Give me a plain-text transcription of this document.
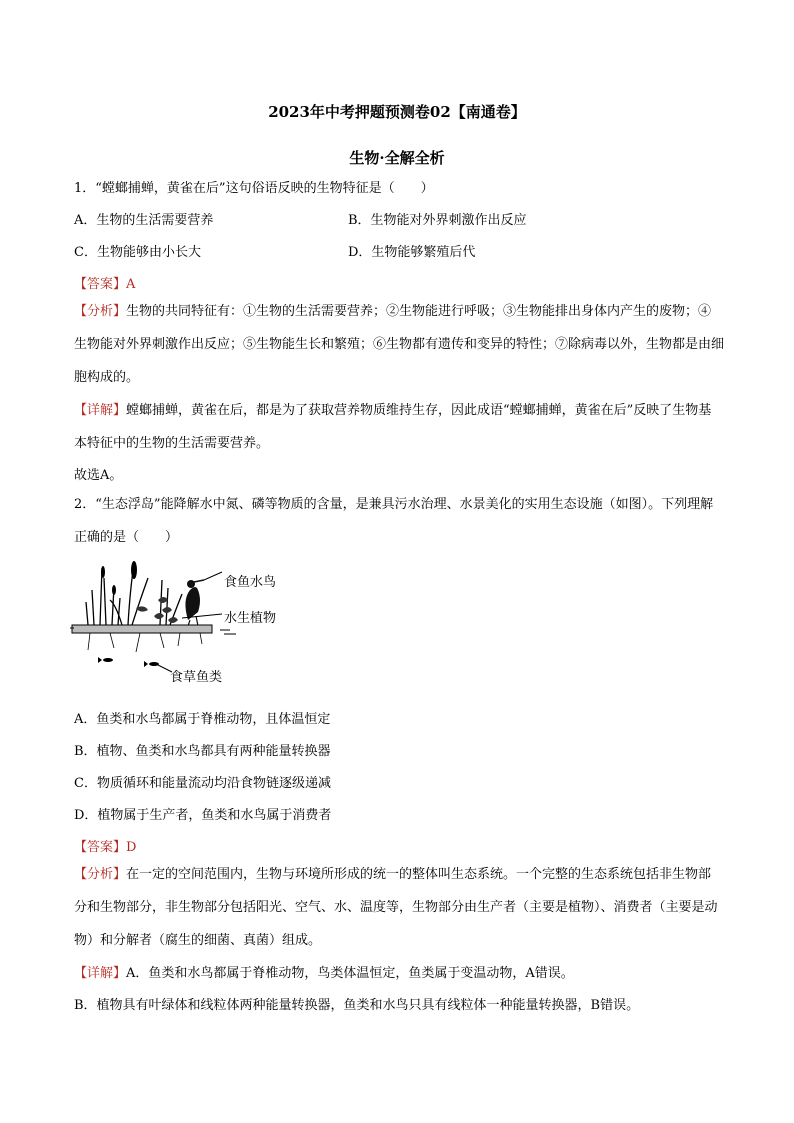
2023年中考押题预测卷02【南通卷】
生物·全解全析
1．“螳螂捕蝉，黄雀在后”这句俗语反映的生物特征是（　　）
A．生物的生活需要营养	B．生物能对外界刺激作出反应
C．生物能够由小长大	D．生物能够繁殖后代
【答案】A
【分析】生物的共同特征有：①生物的生活需要营养；②生物能进行呼吸；③生物能排出身体内产生的废物；④生物能对外界刺激作出反应；⑤生物能生长和繁殖；⑥生物都有遗传和变异的特性；⑦除病毒以外，生物都是由细胞构成的。
【详解】螳螂捕蝉，黄雀在后，都是为了获取营养物质维持生存，因此成语“螳螂捕蝉，黄雀在后”反映了生物基本特征中的生物的生活需要营养。
故选A。
2．“生态浮岛”能降解水中氮、磷等物质的含量，是兼具污水治理、水景美化的实用生态设施（如图）。下列理解正确的是（　　）
食鱼水鸟
水生植物
食草鱼类
A．鱼类和水鸟都属于脊椎动物，且体温恒定
B．植物、鱼类和水鸟都具有两种能量转换器
C．物质循环和能量流动均沿食物链逐级递减
D．植物属于生产者，鱼类和水鸟属于消费者
【答案】D
【分析】在一定的空间范围内，生物与环境所形成的统一的整体叫生态系统。一个完整的生态系统包括非生物部分和生物部分，非生物部分包括阳光、空气、水、温度等，生物部分由生产者（主要是植物）、消费者（主要是动物）和分解者（腐生的细菌、真菌）组成。
【详解】A．鱼类和水鸟都属于脊椎动物，鸟类体温恒定，鱼类属于变温动物，A错误。
B．植物具有叶绿体和线粒体两种能量转换器，鱼类和水鸟只具有线粒体一种能量转换器，B错误。
